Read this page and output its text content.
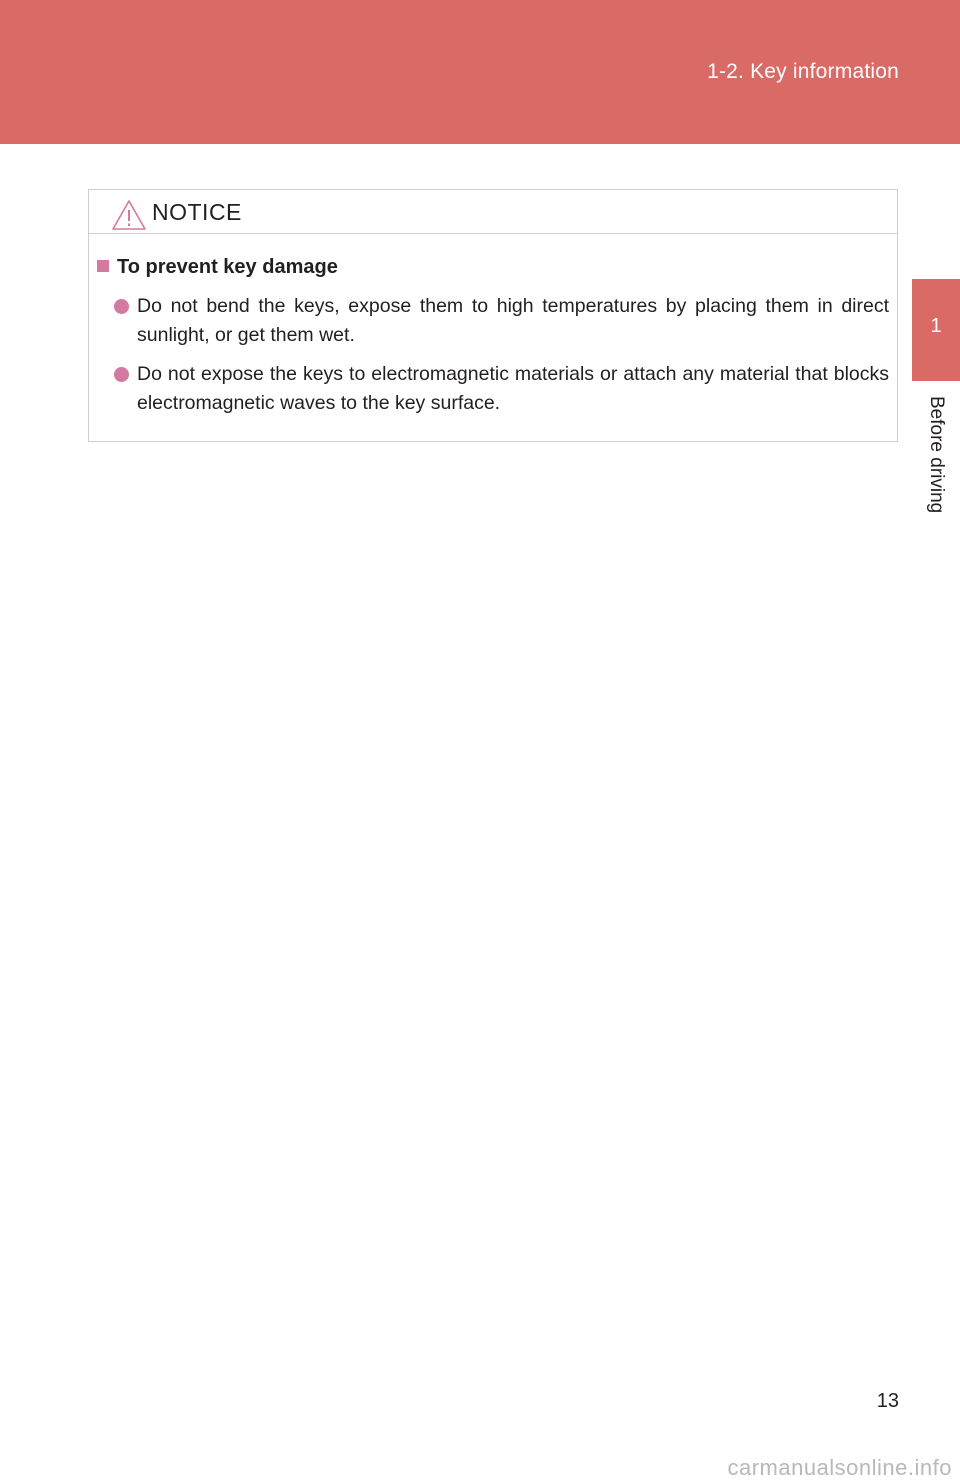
1-2. Key information
1
Before driving
NOTICE
To prevent key damage
Do not bend the keys, expose them to high temperatures by placing them in direct sunlight, or get them wet.
Do not expose the keys to electromagnetic materials or attach any material that blocks electromagnetic waves to the key surface.
13
carmanualsonline.info
